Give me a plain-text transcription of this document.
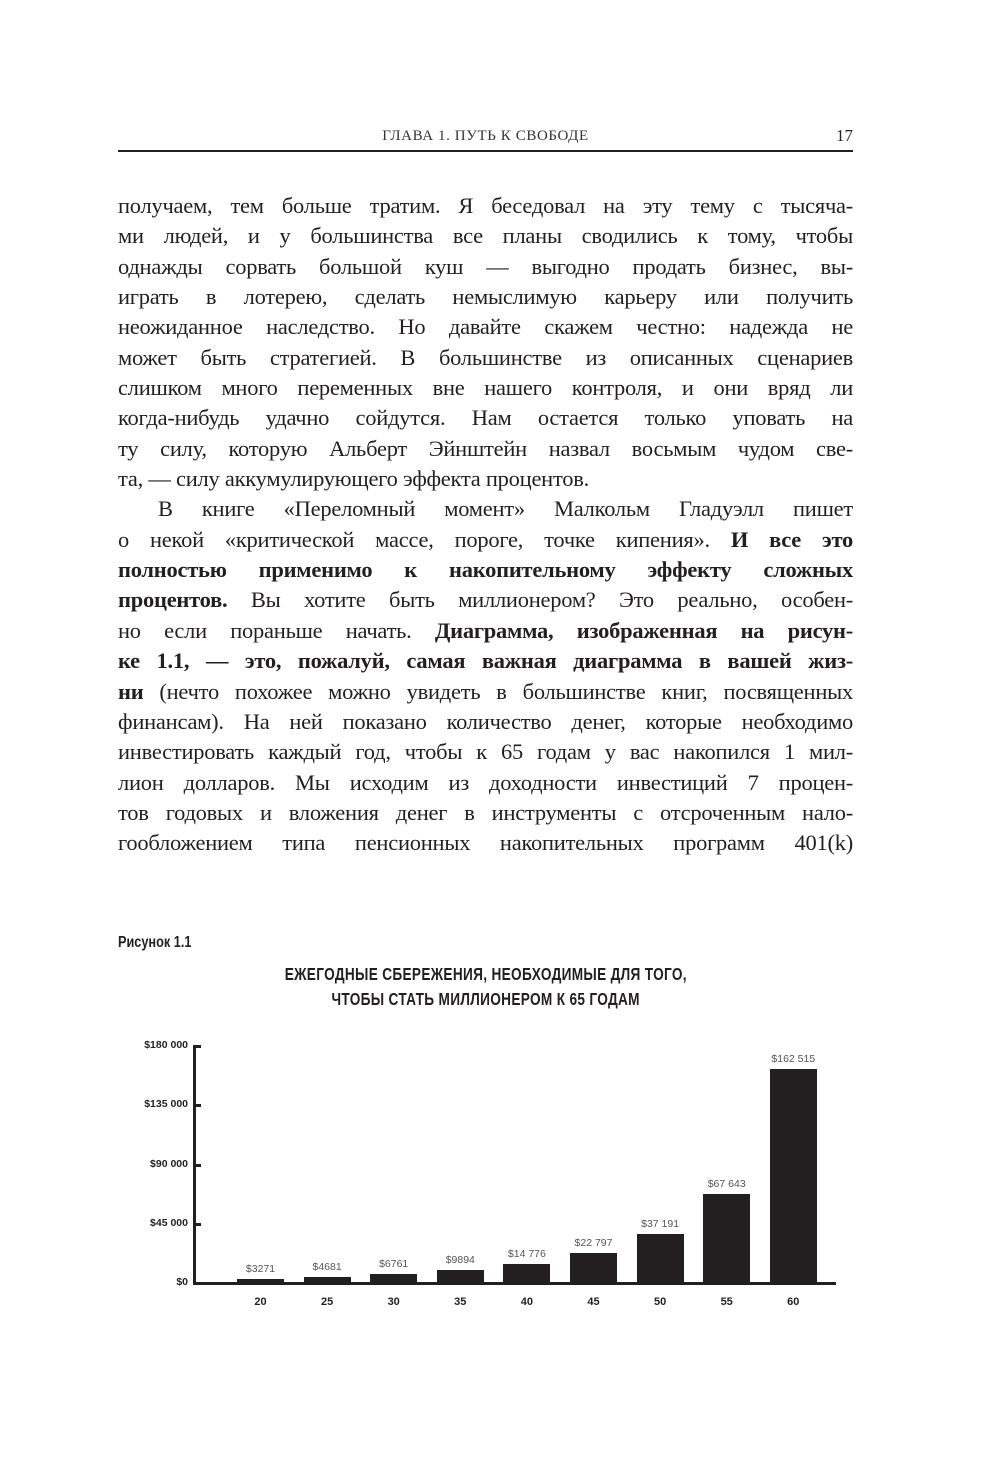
ГЛАВА 1. ПУТЬ К СВОБОДЕ	17
получаем, тем больше тратим. Я беседовал на эту тему с тысяча-
ми людей, и у большинства все планы сводились к тому, чтобы
однажды сорвать большой куш — выгодно продать бизнес, вы-
играть в лотерею, сделать немыслимую карьеру или получить
неожиданное наследство. Но давайте скажем честно: надежда не
может быть стратегией. В большинстве из описанных сценариев
слишком много переменных вне нашего контроля, и они вряд ли
когда-нибудь удачно сойдутся. Нам остается только уповать на
ту силу, которую Альберт Эйнштейн назвал восьмым чудом све-
та, — силу аккумулирующего эффекта процентов.
В книге «Переломный момент» Малкольм Гладуэлл пишет
о некой «критической массе, пороге, точке кипения». И все это
полностью применимо к накопительному эффекту сложных
процентов. Вы хотите быть миллионером? Это реально, особен-
но если пораньше начать. Диаграмма, изображенная на рисун-
ке 1.1, — это, пожалуй, самая важная диаграмма в вашей жиз-
ни (нечто похожее можно увидеть в большинстве книг, посвященных
финансам). На ней показано количество денег, которые необходимо
инвестировать каждый год, чтобы к 65 годам у вас накопился 1 мил-
лион долларов. Мы исходим из доходности инвестиций 7 процен-
тов годовых и вложения денег в инструменты с отсроченным нало-
гообложением типа пенсионных накопительных программ 401(k)
Рисунок 1.1
ЕЖЕГОДНЫЕ СБЕРЕЖЕНИЯ, НЕОБХОДИМЫЕ ДЛЯ ТОГО,
ЧТОБЫ СТАТЬ МИЛЛИОНЕРОМ К 65 ГОДАМ
$0
$45 000
$90 000
$135 000
$180 000
$3271
20
$4681
25
$6761
30
$9894
35
$14 776
40
$22 797
45
$37 191
50
$67 643
55
$162 515
60
